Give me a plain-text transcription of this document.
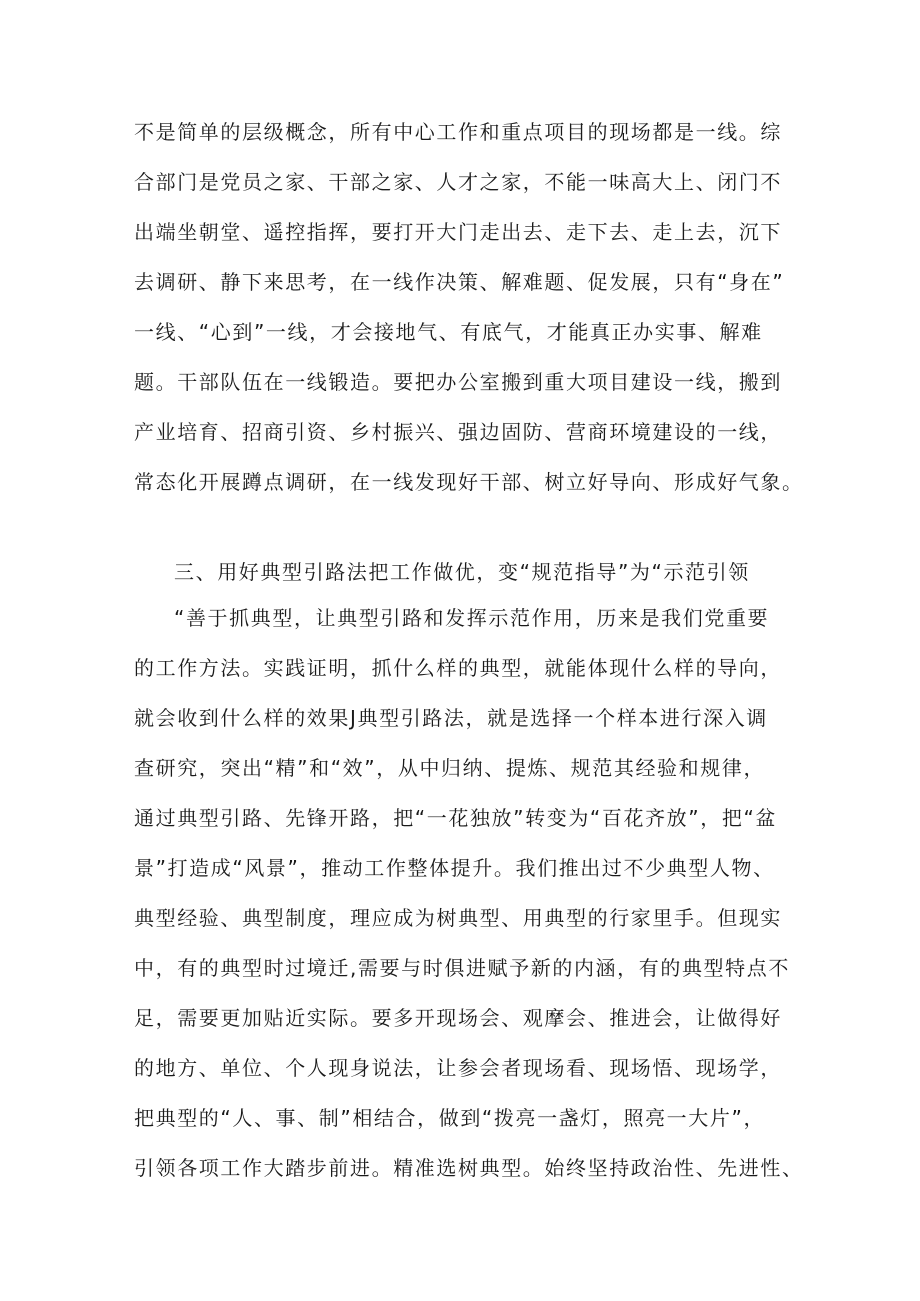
不是简单的层级概念，所有中心工作和重点项目的现场都是一线。综
合部门是党员之家、干部之家、人才之家，不能一味高大上、闭门不
出端坐朝堂、遥控指挥，要打开大门走出去、走下去、走上去，沉下
去调研、静下来思考，在一线作决策、解难题、促发展，只有“身在”
一线、“心到”一线，才会接地气、有底气，才能真正办实事、解难
题。干部队伍在一线锻造。要把办公室搬到重大项目建设一线，搬到
产业培育、招商引资、乡村振兴、强边固防、营商环境建设的一线，
常态化开展蹲点调研，在一线发现好干部、树立好导向、形成好气象。
三、用好典型引路法把工作做优，变“规范指导”为“示范引领
“善于抓典型，让典型引路和发挥示范作用，历来是我们党重要
的工作方法。实践证明，抓什么样的典型，就能体现什么样的导向，
就会收到什么样的效果J典型引路法，就是选择一个样本进行深入调
查研究，突出“精”和“效”，从中归纳、提炼、规范其经验和规律，
通过典型引路、先锋开路，把“一花独放”转变为“百花齐放”，把“盆
景”打造成“风景”，推动工作整体提升。我们推出过不少典型人物、
典型经验、典型制度，理应成为树典型、用典型的行家里手。但现实
中，有的典型时过境迁,需要与时俱进赋予新的内涵，有的典型特点不
足，需要更加贴近实际。要多开现场会、观摩会、推进会，让做得好
的地方、单位、个人现身说法，让参会者现场看、现场悟、现场学，
把典型的“人、事、制”相结合，做到“拨亮一盏灯，照亮一大片”，
引领各项工作大踏步前进。精准选树典型。始终坚持政治性、先进性、
